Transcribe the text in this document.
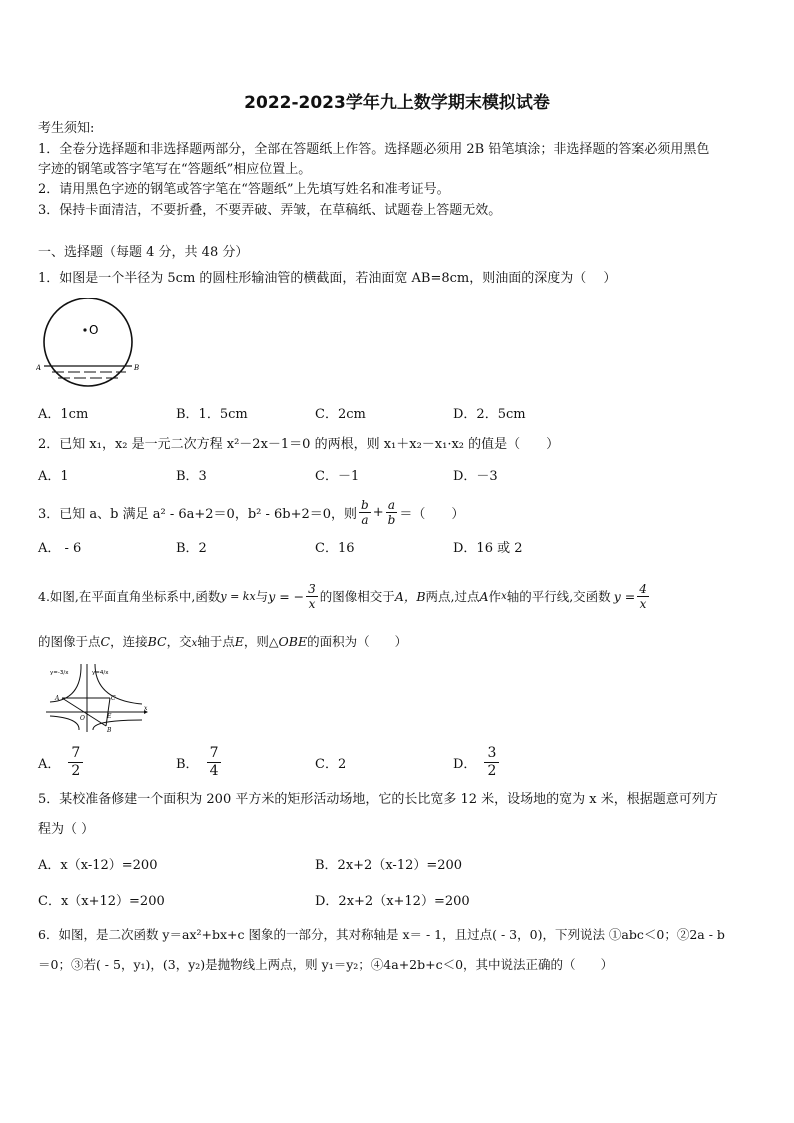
2022-2023学年九上数学期末模拟试卷
考生须知:
1．全卷分选择题和非选择题两部分，全部在答题纸上作答。选择题必须用 2B 铅笔填涂；非选择题的答案必须用黑色
字迹的钢笔或答字笔写在“答题纸”相应位置上。
2．请用黑色字迹的钢笔或答字笔在“答题纸”上先填写姓名和准考证号。
3．保持卡面清洁，不要折叠，不要弄破、弄皱，在草稿纸、试题卷上答题无效。
一、选择题（每题 4 分，共 48 分）
1．如图是一个半径为 5cm 的圆柱形输油管的横截面，若油面宽 AB=8cm，则油面的深度为（　 ）
O
A	B
A．1cm	B．1．5cm	C．2cm	D．2．5cm
2．已知 x₁，x₂ 是一元二次方程 x²－2x－1＝0 的两根，则 x₁＋x₂－x₁·x₂ 的值是（　　）
A．1	B．3	C．－1	D．－3
3．已知 a、b 满足 a² - 6a+2＝0，b² - 6b+2＝0，则 $\frac{b}{a} + \frac{a}{b}$ ＝（　　）
A． - 6	B．2	C．16	D．16 或 2
4.如图,在平面直角坐标系中,函数 y = kx 与 y = − $\frac{3}{x}$ 的图像相交于 A， B 两点,过点 A 作 x 轴的平行线,交函数 $y = \frac{4}{x}$
的图像于点C，连接BC，交x轴于点E，则△OBE的面积为（　　）
y=-3/x	y=4/x
A	C
O	E
B
x
A． $\frac{7}{2}$	B． $\frac{7}{4}$	C．2	D． $\frac{3}{2}$
5．某校准备修建一个面积为 200 平方米的矩形活动场地，它的长比宽多 12 米，设场地的宽为 x 米，根据题意可列方
程为（ ）
A．x（x-12）=200	B．2x+2（x-12）=200
C．x（x+12）=200	D．2x+2（x+12）=200
6．如图，是二次函数 y＝ax²+bx+c 图象的一部分，其对称轴是 x＝ - 1，且过点( - 3，0)，下列说法 ①abc＜0；②2a - b
＝0；③若( - 5，y₁)，(3，y₂)是抛物线上两点，则 y₁＝y₂；④4a+2b+c＜0，其中说法正确的（　　）
